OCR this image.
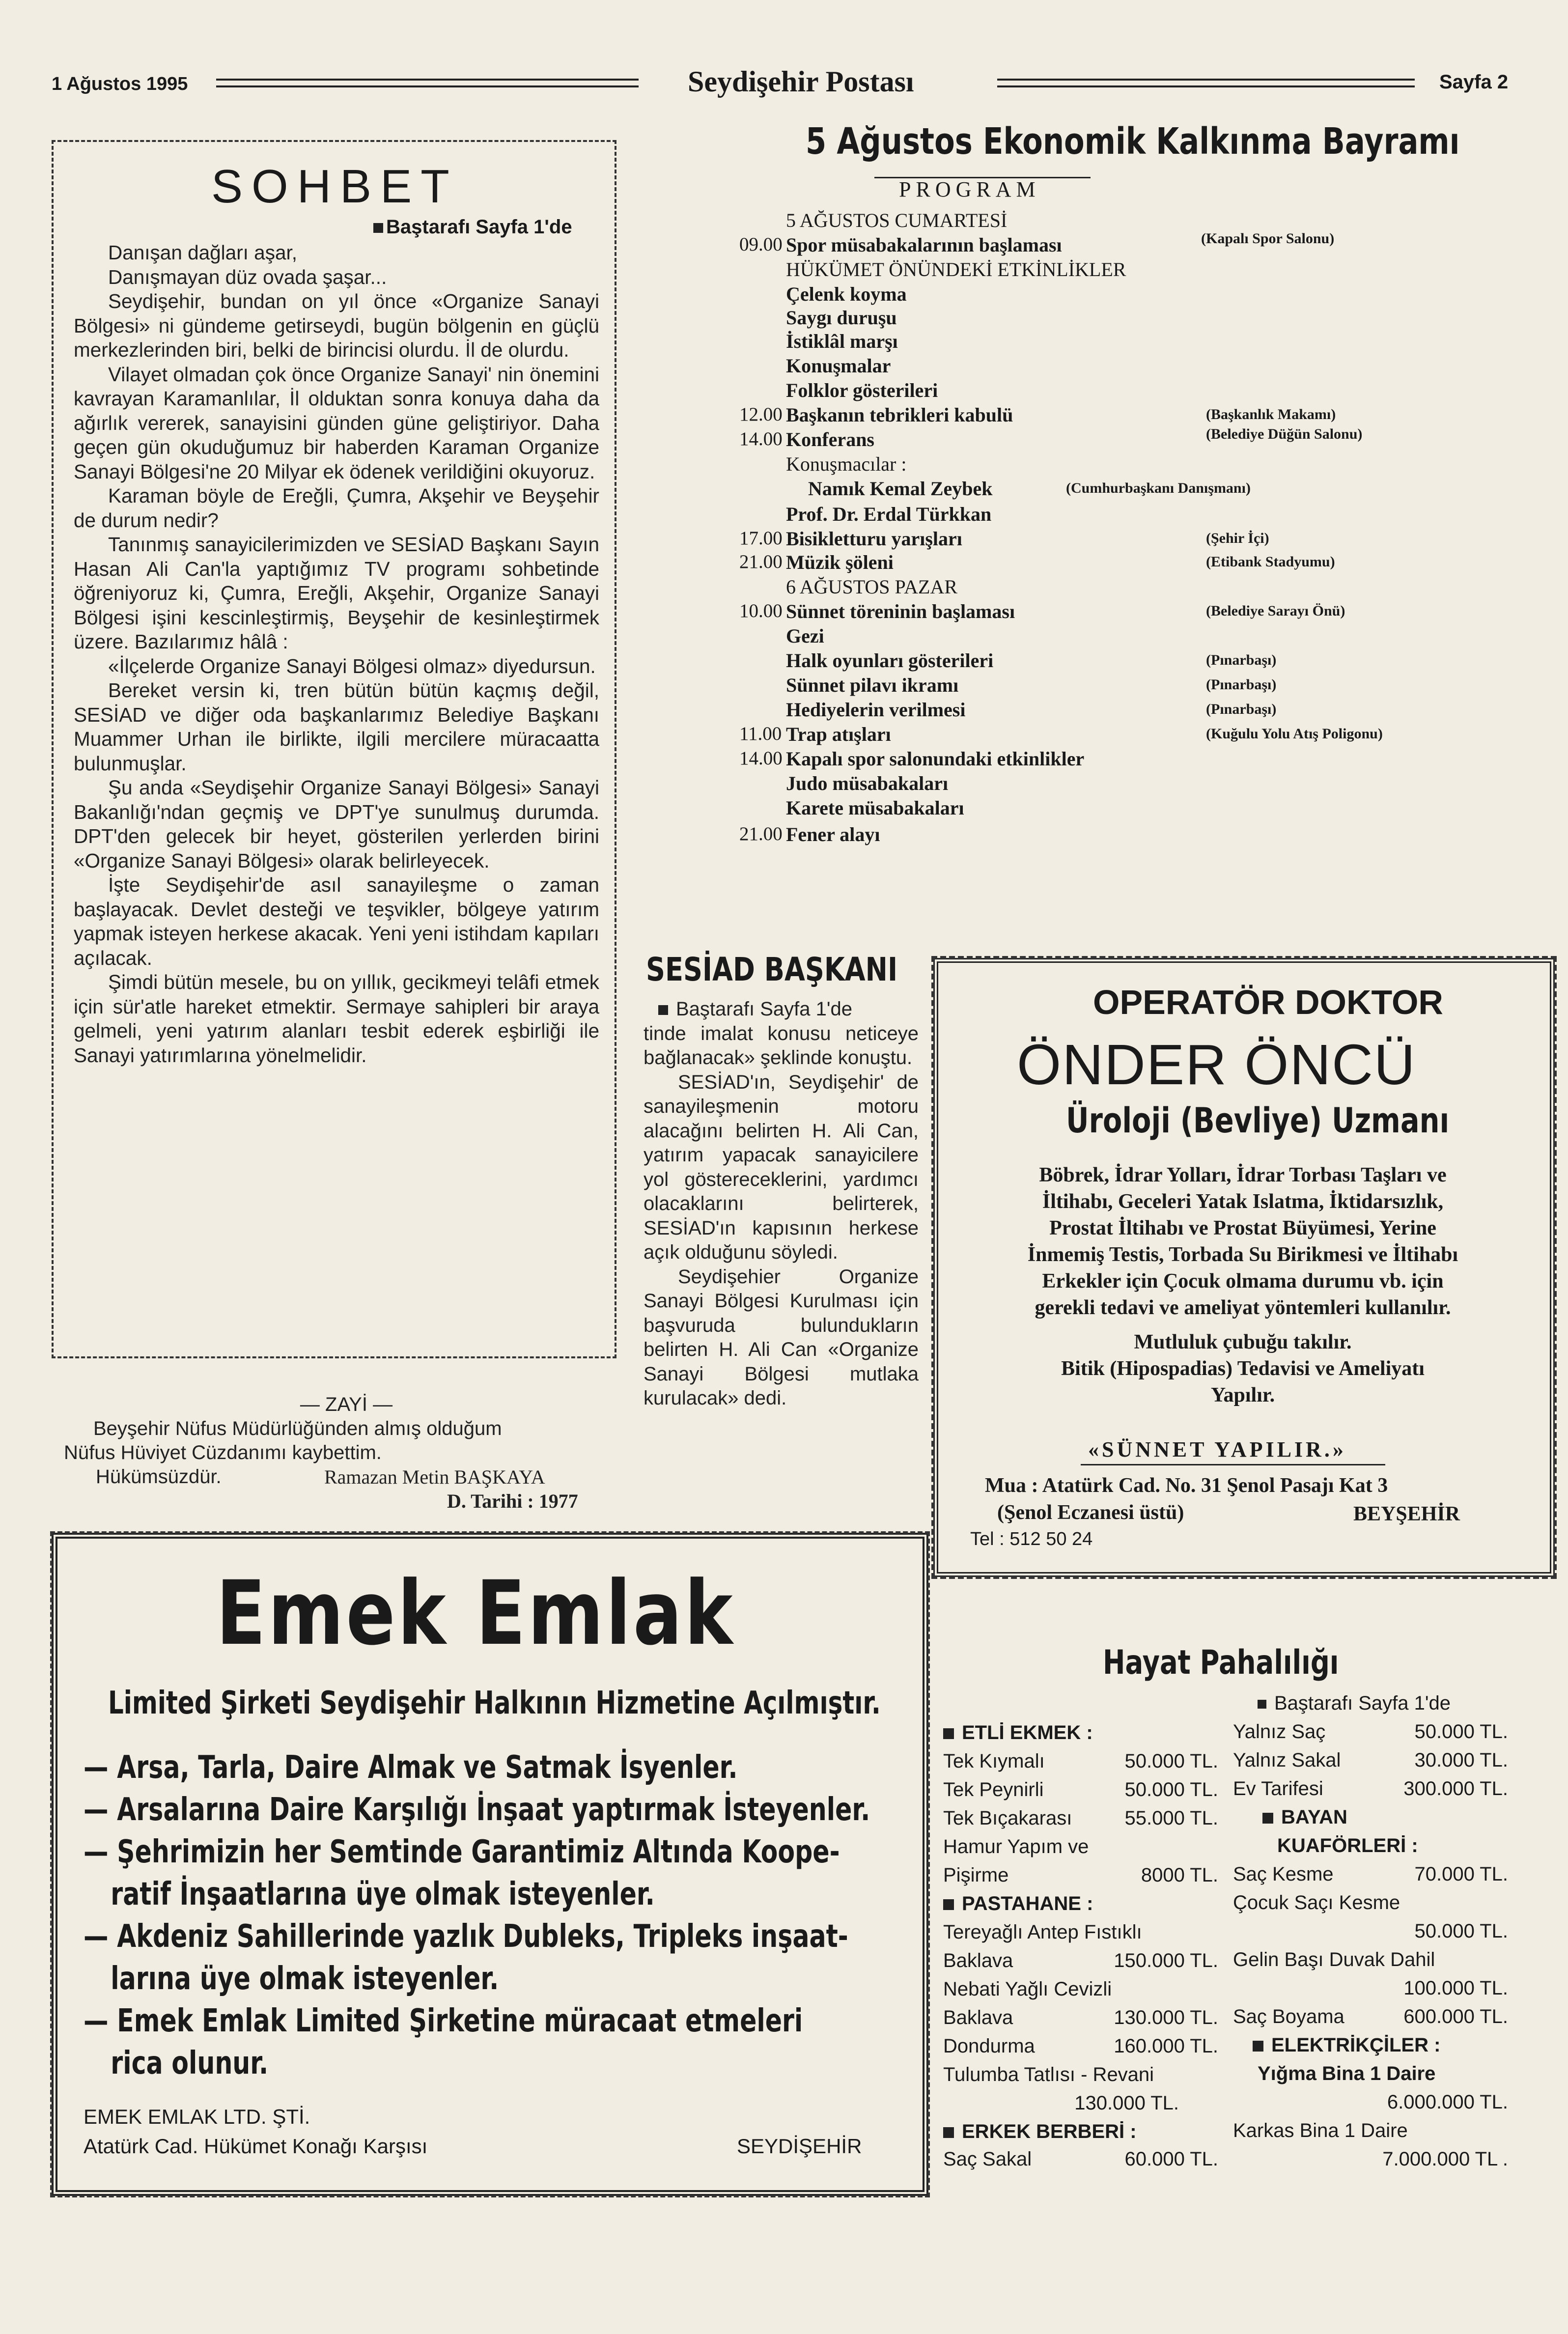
1 Ağustos 1995	Seydişehir Postası	Sayfa 2
SOHBET
Baştarafı Sayfa 1'de

Danışan dağları aşar,

Danışmayan düz ovada şaşar...

Seydişehir, bundan on yıl önce «Organize Sanayi Bölgesi» ni gündeme getirseydi, bugün bölgenin en güçlü merkezlerinden biri, belki de birincisi olurdu. İl de olurdu.

Vilayet olmadan çok önce Organize Sanayi' nin önemini kavrayan Karamanlılar, İl olduktan sonra konuya daha da ağırlık vererek, sanayisini günden güne geliştiriyor. Daha geçen gün okuduğumuz bir haberden Karaman Organize Sanayi Bölgesi'ne 20 Milyar ek ödenek verildiğini okuyoruz.

Karaman böyle de Ereğli, Çumra, Akşehir ve Beyşehir de durum nedir?

Tanınmış sanayicilerimizden ve SESİAD Başkanı Sayın Hasan Ali Can'la yaptığımız TV programı sohbetinde öğreniyoruz ki, Çumra, Ereğli, Akşehir, Organize Sanayi Bölgesi işini kescinleştirmiş, Beyşehir de kesinleştirmek üzere. Bazılarımız hâlâ :

«İlçelerde Organize Sanayi Bölgesi olmaz» diyedursun.

Bereket versin ki, tren bütün bütün kaçmış değil, SESİAD ve diğer oda başkanlarımız Belediye Başkanı Muammer Urhan ile birlikte, ilgili mercilere müracaatta bulunmuşlar.

Şu anda «Seydişehir Organize Sanayi Bölgesi» Sanayi Bakanlığı'ndan geçmiş ve DPT'ye sunulmuş durumda. DPT'den gelecek bir heyet, gösterilen yerlerden birini «Organize Sanayi Bölgesi» olarak belirleyecek.

İşte Seydişehir'de asıl sanayileşme o zaman başlayacak. Devlet desteği ve teşvikler, bölgeye yatırım yapmak isteyen herkese akacak. Yeni yeni istihdam kapıları açılacak.

Şimdi bütün mesele, bu on yıllık, gecikmeyi telâfi etmek için sür'atle hareket etmektir. Sermaye sahipleri bir araya gelmeli, yeni yatırım alanları tesbit ederek eşbirliği ile Sanayi yatırımlarına yönelmelidir.

— ZAYİ —
Beyşehir Nüfus Müdürlüğünden almış olduğum
Nüfus Hüviyet Cüzdanımı kaybettim.
Hükümsüzdür.	Ramazan Metin BAŞKAYA
D. Tarihi : 1977
5 Ağustos Ekonomik Kalkınma Bayramı
PROGRAM
5 AĞUSTOS CUMARTESİ
09.00 Spor müsabakalarının başlaması	(Kapalı Spor Salonu)
HÜKÜMET ÖNÜNDEKİ ETKİNLİKLER
Çelenk koyma
Saygı duruşu
İstiklâl marşı
Konuşmalar
Folklor gösterileri
12.00 Başkanın tebrikleri kabulü	(Başkanlık Makamı)
14.00 Konferans	(Belediye Düğün Salonu)
Konuşmacılar :
Namık Kemal Zeybek	(Cumhurbaşkanı Danışmanı)
Prof. Dr. Erdal Türkkan
17.00 Bisikletturu yarışları	(Şehir İçi)
21.00 Müzik şöleni	(Etibank Stadyumu)
6 AĞUSTOS PAZAR
10.00 Sünnet töreninin başlaması	(Belediye Sarayı Önü)
Gezi
Halk oyunları gösterileri	(Pınarbaşı)
Sünnet pilavı ikramı	(Pınarbaşı)
Hediyelerin verilmesi	(Pınarbaşı)
11.00 Trap atışları	(Kuğulu Yolu Atış Poligonu)
14.00 Kapalı spor salonundaki etkinlikler
Judo müsabakaları
Karete müsabakaları
21.00 Fener alayı
SESİAD BAŞKANI
Baştarafı Sayfa 1'de
tinde imalat konusu neticeye bağlanacak» şeklinde konuştu.
SESİAD'ın, Seydişehir' de sanayileşmenin motoru alacağını belirten H. Ali Can, yatırım yapacak sanayicilere yol göstereceklerini, yardımcı olacaklarını belirterek, SESİAD'ın kapısının herkese açık olduğunu söyledi.
Seydişehier Organize Sanayi Bölgesi Kurulması için başvuruda bulundukların belirten H. Ali Can «Organize Sanayi Bölgesi mutlaka kurulacak» dedi.
OPERATÖR DOKTOR
ÖNDER ÖNCÜ
Üroloji (Bevliye) Uzmanı
Böbrek, İdrar Yolları, İdrar Torbası Taşları ve
İltihabı, Geceleri Yatak Islatma, İktidarsızlık,
Prostat İltihabı ve Prostat Büyümesi, Yerine
İnmemiş Testis, Torbada Su Birikmesi ve İltihabı
Erkekler için Çocuk olmama durumu vb. için
gerekli tedavi ve ameliyat yöntemleri kullanılır.
Mutluluk çubuğu takılır.
Bitik (Hipospadias) Tedavisi ve Ameliyatı
Yapılır.
«SÜNNET YAPILIR.»
Mua : Atatürk Cad. No. 31 Şenol Pasajı Kat 3
(Şenol Eczanesi üstü)	BEYŞEHİR
Tel : 512 50 24
Emek Emlak
Limited Şirketi Seydişehir Halkının Hizmetine Açılmıştır.
— Arsa, Tarla, Daire Almak ve Satmak İsyenler.
— Arsalarına Daire Karşılığı İnşaat yaptırmak İsteyenler.
— Şehrimizin her Semtinde Garantimiz Altında Koope-
ratif İnşaatlarına üye olmak isteyenler.
— Akdeniz Sahillerinde yazlık Dubleks, Tripleks inşaat-
larına üye olmak isteyenler.
— Emek Emlak Limited Şirketine müracaat etmeleri
rica olunur.
EMEK EMLAK LTD. ŞTİ.
Atatürk Cad. Hükümet Konağı Karşısı	SEYDİŞEHİR
Hayat Pahalılığı
ETLİ EKMEK :
Tek Kıymalı	50.000 TL.
Tek Peynirli	50.000 TL.
Tek Bıçakarası	55.000 TL.
Hamur Yapım ve
Pişirme	8000 TL.
PASTAHANE :
Tereyağlı Antep Fıstıklı
Baklava	150.000 TL.
Nebati Yağlı Cevizli
Baklava	130.000 TL.
Dondurma	160.000 TL.
Tulumba Tatlısı - Revani
130.000 TL.
ERKEK BERBERİ :
Saç Sakal	60.000 TL.
Baştarafı Sayfa 1'de
Yalnız Saç	50.000 TL.
Yalnız Sakal	30.000 TL.
Ev Tarifesi	300.000 TL.
BAYAN
KUAFÖRLERİ :
Saç Kesme	70.000 TL.
Çocuk Saçı Kesme
50.000 TL.
Gelin Başı Duvak Dahil
100.000 TL.
Saç Boyama	600.000 TL.
ELEKTRİKÇİLER :
Yığma Bina 1 Daire
6.000.000 TL.
Karkas Bina 1 Daire
7.000.000 TL .
